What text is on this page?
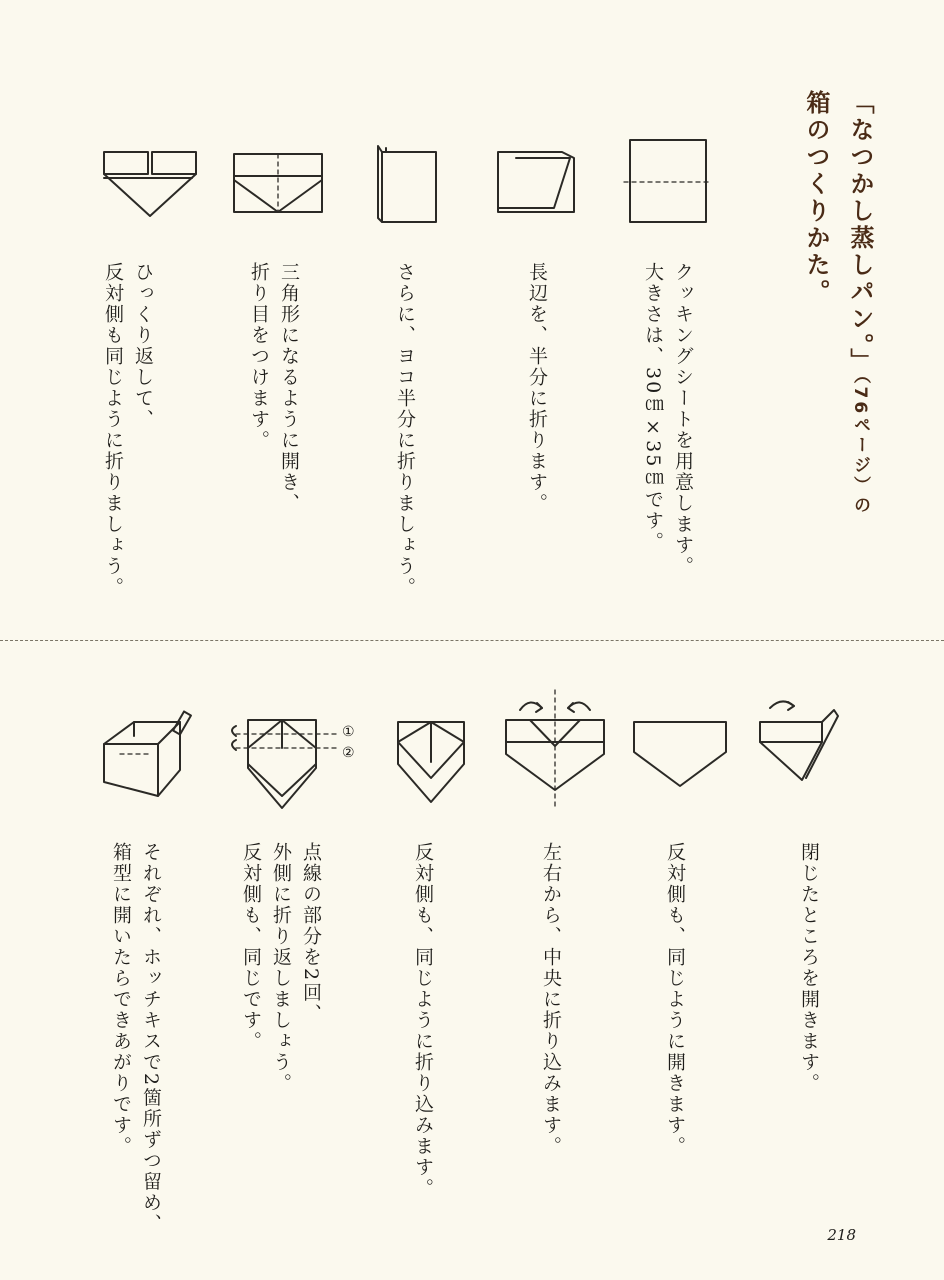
「なつかし蒸しパン。」（76ページ）の
箱のつくりかた。
クッキングシートを用意します。
大きさは、30㎝×35㎝です。
長辺を、半分に折ります。
さらに、ヨコ半分に折りましょう。
三角形になるように開き、
折り目をつけます。
ひっくり返して、
反対側も同じように折りましょう。
①
②
閉じたところを開きます。
反対側も、同じように開きます。
左右から、中央に折り込みます。
反対側も、同じように折り込みます。
点線の部分を2回、
外側に折り返しましょう。
反対側も、同じです。
それぞれ、ホッチキスで2箇所ずつ留め、
箱型に開いたらできあがりです。
218
